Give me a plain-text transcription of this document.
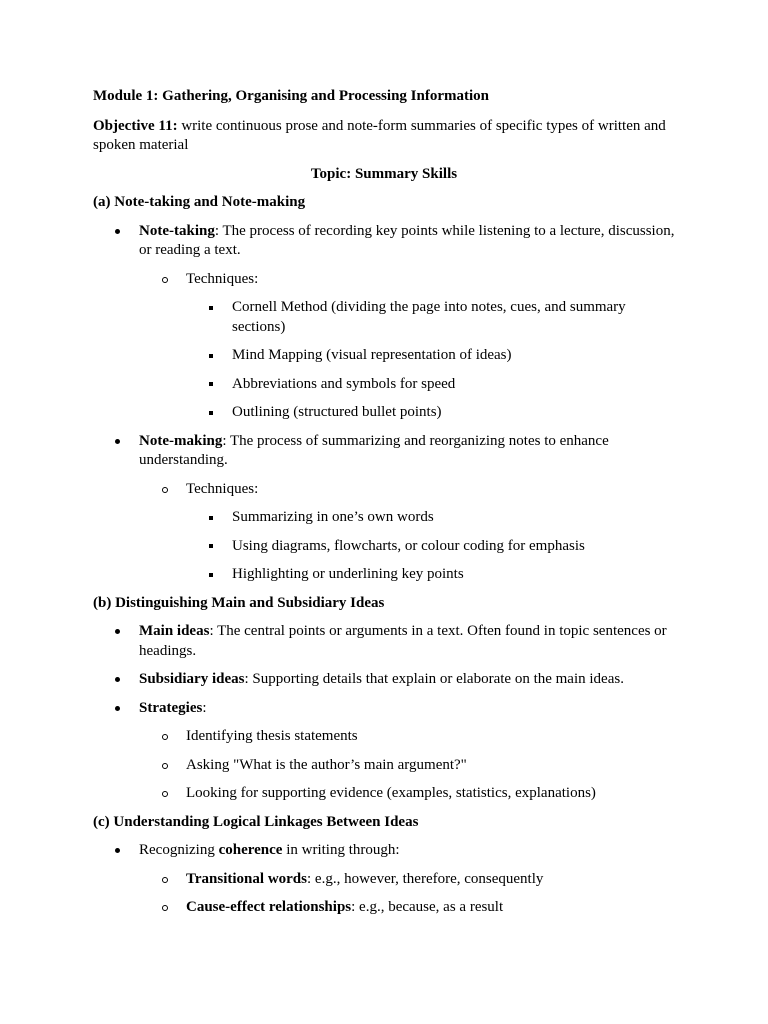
Module 1: Gathering, Organising and Processing Information

Objective 11: write continuous prose and note-form summaries of specific types of written and spoken material

Topic: Summary Skills

(a) Note-taking and Note-making

Note-taking: The process of recording key points while listening to a lecture, discussion, or reading a text.
Techniques:
Cornell Method (dividing the page into notes, cues, and summary sections)
Mind Mapping (visual representation of ideas)
Abbreviations and symbols for speed
Outlining (structured bullet points)
Note-making: The process of summarizing and reorganizing notes to enhance understanding.
Techniques:
Summarizing in one’s own words
Using diagrams, flowcharts, or colour coding for emphasis
Highlighting or underlining key points

(b) Distinguishing Main and Subsidiary Ideas

Main ideas: The central points or arguments in a text. Often found in topic sentences or headings.
Subsidiary ideas: Supporting details that explain or elaborate on the main ideas.
Strategies:
Identifying thesis statements
Asking "What is the author’s main argument?"
Looking for supporting evidence (examples, statistics, explanations)

(c) Understanding Logical Linkages Between Ideas

Recognizing coherence in writing through:
Transitional words: e.g., however, therefore, consequently
Cause-effect relationships: e.g., because, as a result
